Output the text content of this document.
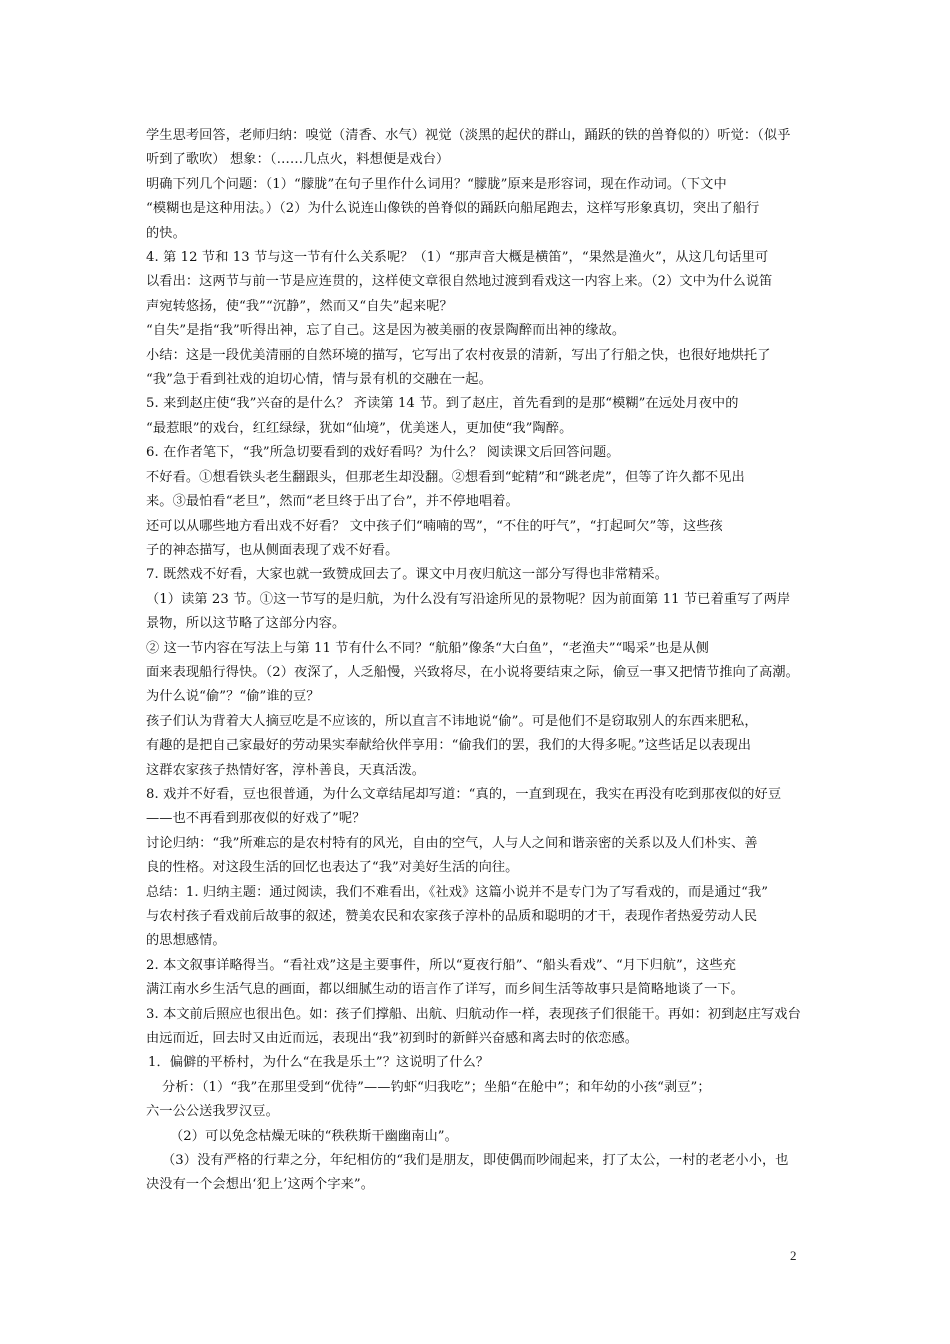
学生思考回答，老师归纳：嗅觉（清香、水气）视觉（淡黑的起伏的群山，踊跃的铁的兽脊似的）听觉：（似乎

听到了歌吹） 想象：（……几点火，料想便是戏台）

明确下列几个问题：（1）“朦胧”在句子里作什么词用？“朦胧”原来是形容词，现在作动词。（下文中

“模糊也是这种用法。）（2）为什么说连山像铁的兽脊似的踊跃向船尾跑去，这样写形象真切，突出了船行

的快。

4. 第 12 节和 13 节与这一节有什么关系呢？（1）“那声音大概是横笛”，“果然是渔火”，从这几句话里可

以看出：这两节与前一节是应连贯的，这样使文章很自然地过渡到看戏这一内容上来。（2）文中为什么说笛

声宛转悠扬，使“我”“沉静”，然而又“自失”起来呢？

“自失”是指“我”听得出神，忘了自己。这是因为被美丽的夜景陶醉而出神的缘故。

小结：这是一段优美清丽的自然环境的描写，它写出了农村夜景的清新，写出了行船之快，也很好地烘托了

“我”急于看到社戏的迫切心情，情与景有机的交融在一起。

5. 来到赵庄使“我”兴奋的是什么？ 齐读第 14 节。到了赵庄，首先看到的是那“模糊”在远处月夜中的

“最惹眼”的戏台，红红绿绿，犹如“仙境”，优美迷人，更加使“我”陶醉。

6. 在作者笔下，“我”所急切要看到的戏好看吗？为什么？ 阅读课文后回答问题。

不好看。①想看铁头老生翻跟头，但那老生却没翻。②想看到“蛇精”和“跳老虎”，但等了许久都不见出

来。③最怕看“老旦”，然而“老旦终于出了台”，并不停地唱着。

还可以从哪些地方看出戏不好看？ 文中孩子们“喃喃的骂”，“不住的吁气”，“打起呵欠”等，这些孩

子的神态描写，也从侧面表现了戏不好看。

7. 既然戏不好看，大家也就一致赞成回去了。课文中月夜归航这一部分写得也非常精采。

（1）读第 23 节。①这一节写的是归航，为什么没有写沿途所见的景物呢？因为前面第 11 节已着重写了两岸

景物，所以这节略了这部分内容。

② 这一节内容在写法上与第 11 节有什么不同？“航船”像条“大白鱼”，“老渔夫”“喝采”也是从侧

面来表现船行得快。（2）夜深了，人乏船慢，兴致将尽，在小说将要结束之际，偷豆一事又把情节推向了高潮。

为什么说“偷”？“偷”谁的豆？

孩子们认为背着大人摘豆吃是不应该的，所以直言不讳地说“偷”。可是他们不是窃取别人的东西来肥私，

有趣的是把自己家最好的劳动果实奉献给伙伴享用：“偷我们的罢，我们的大得多呢。”这些话足以表现出

这群农家孩子热情好客，淳朴善良，天真活泼。

8. 戏并不好看，豆也很普通，为什么文章结尾却写道：“真的，一直到现在，我实在再没有吃到那夜似的好豆

——也不再看到那夜似的好戏了”呢？

讨论归纳：“我”所难忘的是农村特有的风光，自由的空气，人与人之间和谐亲密的关系以及人们朴实、善

良的性格。对这段生活的回忆也表达了“我”对美好生活的向往。

总结：1. 归纳主题：通过阅读，我们不难看出，《社戏》这篇小说并不是专门为了写看戏的，而是通过“我”

与农村孩子看戏前后故事的叙述，赞美农民和农家孩子淳朴的品质和聪明的才干，表现作者热爱劳动人民

的思想感情。

2. 本文叙事详略得当。“看社戏”这是主要事件，所以“夏夜行船”、“船头看戏”、“月下归航”，这些充

满江南水乡生活气息的画面，都以细腻生动的语言作了详写，而乡间生活等故事只是简略地谈了一下。

3. 本文前后照应也很出色。如：孩子们撑船、出航、归航动作一样，表现孩子们很能干。再如：初到赵庄写戏台

由远而近，回去时又由近而远，表现出“我”初到时的新鲜兴奋感和离去时的依恋感。

1．偏僻的平桥村，为什么“在我是乐土”？这说明了什么？

分析：（1）“我”在那里受到“优待”——钓虾“归我吃”；坐船“在舱中”；和年幼的小孩“剥豆”；

六一公公送我罗汉豆。

（2）可以免念枯燥无味的“秩秩斯干幽幽南山”。

（3）没有严格的行辈之分，年纪相仿的“我们是朋友，即使偶而吵闹起来，打了太公，一村的老老小小，也

决没有一个会想出‘犯上’这两个字来”。

2
